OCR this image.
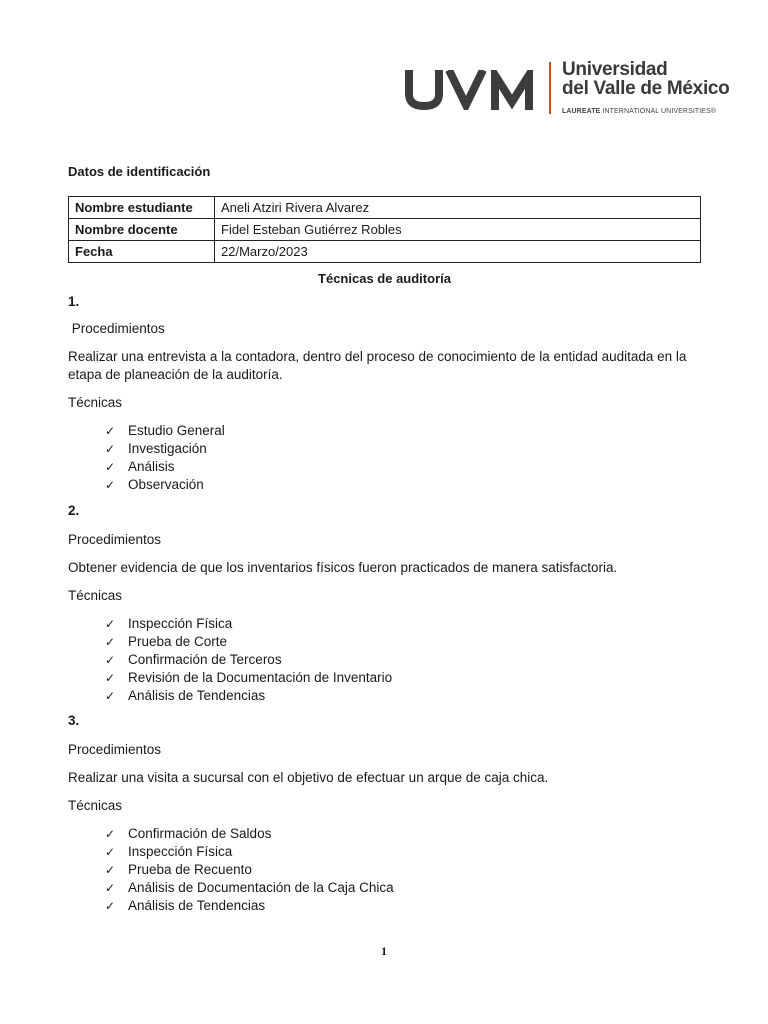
Universidad
del Valle de México
LAUREATE INTERNATIONAL UNIVERSITIES®
Datos de identificación
Nombre estudiante	Aneli Atziri Rivera Alvarez
Nombre docente	Fidel Esteban Gutiérrez Robles
Fecha	22/Marzo/2023
Técnicas de auditoría
1.
Procedimientos
Realizar una entrevista a la contadora, dentro del proceso de conocimiento de la entidad auditada en la etapa de planeación de la auditoría.
Técnicas
✓ Estudio General
✓ Investigación
✓ Análisis
✓ Observación
2.
Procedimientos
Obtener evidencia de que los inventarios físicos fueron practicados de manera satisfactoria.
Técnicas
✓ Inspección Física
✓ Prueba de Corte
✓ Confirmación de Terceros
✓ Revisión de la Documentación de Inventario
✓ Análisis de Tendencias
3.
Procedimientos
Realizar una visita a sucursal con el objetivo de efectuar un arque de caja chica.
Técnicas
✓ Confirmación de Saldos
✓ Inspección Física
✓ Prueba de Recuento
✓ Análisis de Documentación de la Caja Chica
✓ Análisis de Tendencias
1
